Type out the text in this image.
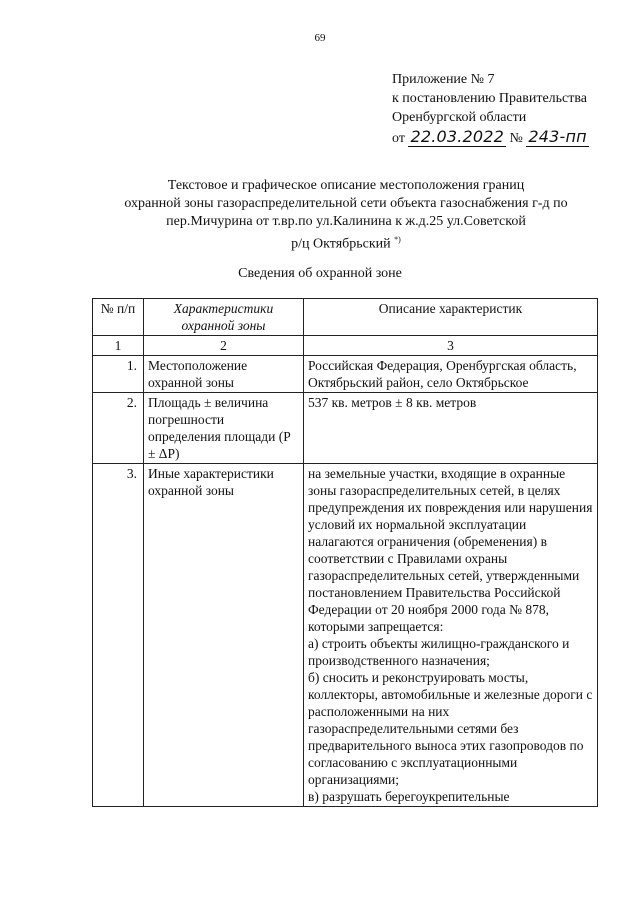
69
Приложение № 7
к постановлению Правительства
Оренбургской области
от 22.03.2022 № 243-пп
Текстовое и графическое описание местоположения границ
охранной зоны газораспределительной сети объекта газоснабжения г-д по
пер.Мичурина от т.вр.по ул.Калинина к ж.д.25 ул.Советской
р/ц Октябрьский *)
Сведения об охранной зоне
№ п/п	Характеристики охранной зоны	Описание характеристик
1	2	3
1.	Местоположение охранной зоны	Российская Федерация, Оренбургская область, Октябрьский район, село Октябрьское

2.	Площадь ± величина погрешности определения площади (P ± ΔP)	537 кв. метров ± 8 кв. метров

3.	Иные характеристики охранной зоны	на земельные участки, входящие в охранные зоны газораспределительных сетей, в целях предупреждения их повреждения или нарушения условий их нормальной эксплуатации налагаются ограничения (обременения) в соответствии с Правилами охраны газораспределительных сетей, утвержденными постановлением Правительства Российской Федерации от 20 ноября 2000 года № 878, которыми запрещается:

а) строить объекты жилищно-гражданского и производственного назначения;

б) сносить и реконструировать мосты, коллекторы, автомобильные и железные дороги с расположенными на них газораспределительными сетями без предварительного выноса этих газопроводов по согласованию с эксплуатационными организациями;

в) разрушать берегоукрепительные
